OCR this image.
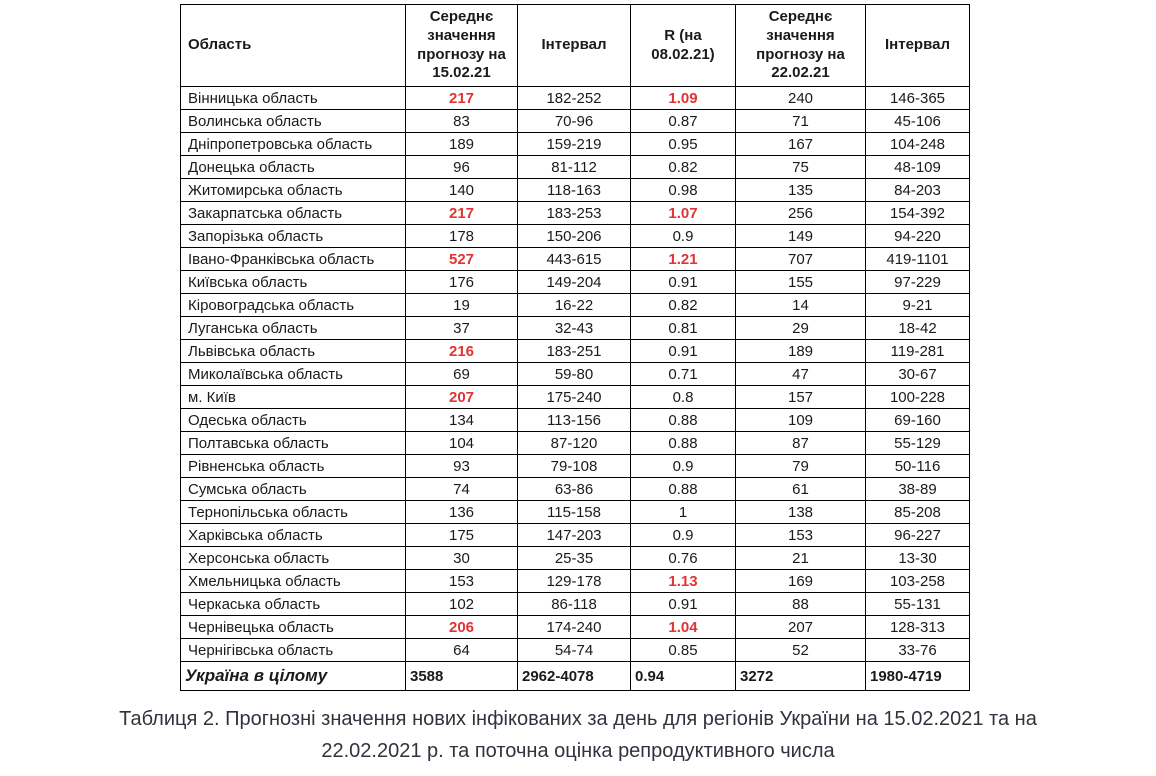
Область	Середнє значення прогнозу на 15.02.21	Інтервал	R (на 08.02.21)	Середнє значення прогнозу на 22.02.21	Інтервал
Вінницька область	217	182-252	1.09	240	146-365
Волинська область	83	70-96	0.87	71	45-106
Дніпропетровська область	189	159-219	0.95	167	104-248
Донецька область	96	81-112	0.82	75	48-109
Житомирська область	140	118-163	0.98	135	84-203
Закарпатська область	217	183-253	1.07	256	154-392
Запорізька область	178	150-206	0.9	149	94-220
Івано-Франківська область	527	443-615	1.21	707	419-1101
Київська область	176	149-204	0.91	155	97-229
Кіровоградська область	19	16-22	0.82	14	9-21
Луганська область	37	32-43	0.81	29	18-42
Львівська область	216	183-251	0.91	189	119-281
Миколаївська область	69	59-80	0.71	47	30-67
м. Київ	207	175-240	0.8	157	100-228
Одеська область	134	113-156	0.88	109	69-160
Полтавська область	104	87-120	0.88	87	55-129
Рівненська область	93	79-108	0.9	79	50-116
Сумська область	74	63-86	0.88	61	38-89
Тернопільська область	136	115-158	1	138	85-208
Харківська область	175	147-203	0.9	153	96-227
Херсонська область	30	25-35	0.76	21	13-30
Хмельницька область	153	129-178	1.13	169	103-258
Черкаська область	102	86-118	0.91	88	55-131
Чернівецька область	206	174-240	1.04	207	128-313
Чернігівська область	64	54-74	0.85	52	33-76
Україна в цілому	3588	2962-4078	0.94	3272	1980-4719
Таблиця 2. Прогнозні значення нових інфікованих за день для регіонів України на 15.02.2021 та на
22.02.2021 р. та поточна оцінка репродуктивного числа
